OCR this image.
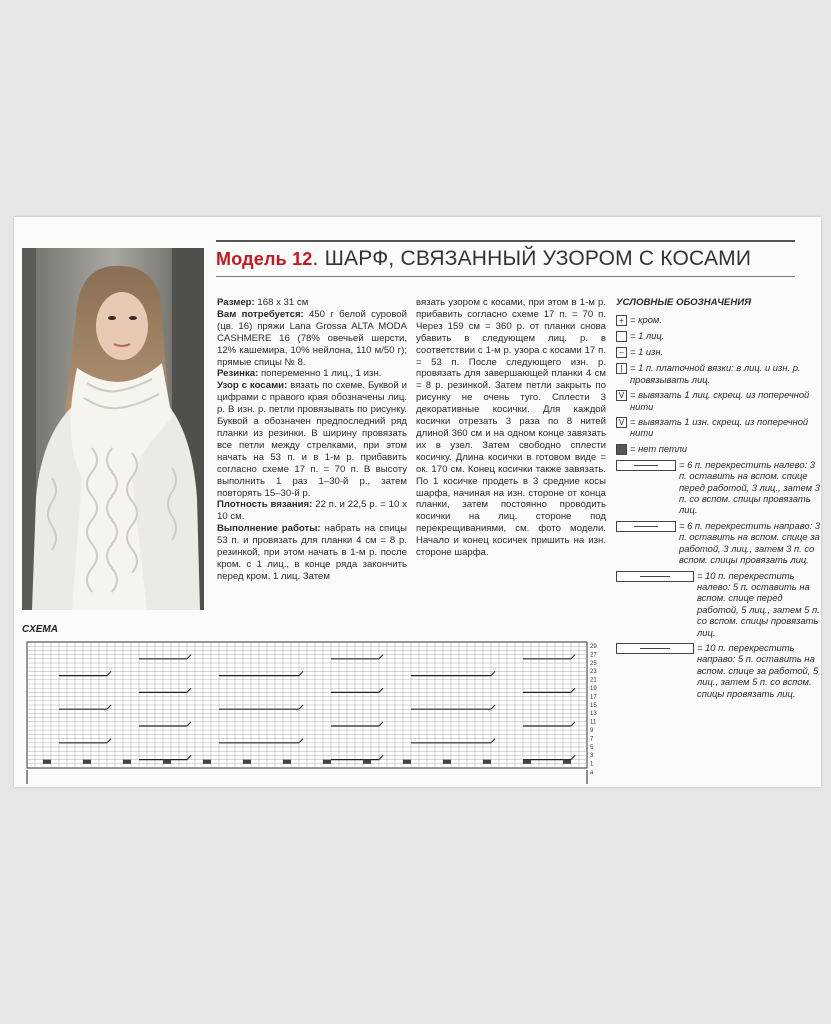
Модель 12. ШАРФ, СВЯЗАННЫЙ УЗОРОМ С КОСАМИ

Размер: 168 х 31 см

Вам потребуется: 450 г белой суровой (цв. 16) пряжи Lana Grossa ALTA MODA CASHMERE 16 (78% овечьей шерсти, 12% кашемира, 10% нейлона, 110 м/50 г); прямые спицы № 8.

Резинка: попеременно 1 лиц., 1 изн.

Узор с косами: вязать по схеме. Буквой и цифрами с правого края обозначены лиц. р. В изн. р. петли провязывать по рисунку. Буквой а обозначен предпоследний ряд планки из резинки. В ширину провязать все петли между стрелками, при этом начать на 53 п. и в 1-м р. прибавить согласно схеме 17 п. = 70 п. В высоту выполнить 1 раз 1–30-й р., затем повторять 15–30-й р.

Плотность вязания: 22 п. и 22,5 р. = 10 х 10 см.

Выполнение работы: набрать на спицы 53 п. и провязать для планки 4 см = 8 р. резинкой, при этом начать в 1-м р. после кром. с 1 лиц., в конце ряда закончить перед кром. 1 лиц. Затем

вязать узором с косами, при этом в 1-м р. прибавить согласно схеме 17 п. = 70 п. Через 159 см = 360 р. от планки снова убавить в следующем лиц. р. в соответствии с 1-м р. узора с косами 17 п. = 53 п. После следующего изн. р. провязать для завершающей планки 4 см = 8 р. резинкой. Затем петли закрыть по рисунку не очень туго. Сплести 3 декоративные косички. Для каждой косички отрезать 3 раза по 8 нитей длиной 360 см и на одном конце завязать их в узел. Затем свободно сплести косичку. Длина косички в готовом виде = ок. 170 см. Конец косички также завязать. По 1 косичке продеть в 3 средние косы шарфа, начиная на изн. стороне от конца планки, затем постоянно проводить косички на лиц. стороне под перекрещиваниями, см. фото модели. Начало и конец косичек пришить на изн. стороне шарфа.

УСЛОВНЫЕ ОБОЗНАЧЕНИЯ
+ = кром.
= 1 лиц.
– = 1 изн.
| = 1 п. платочной вязки: в лиц. и изн. р. провязывать лиц.
V = вывязать 1 лиц. скрещ. из поперечной нити
V = вывязать 1 изн. скрещ. из поперечной нити
= нет петли
= 6 п. перекрестить налево: 3 п. оставить на вспом. спице перед работой, 3 лиц., затем 3 п. со вспом. спицы провязать лиц.
= 6 п. перекрестить направо: 3 п. оставить на вспом. спице за работой, 3 лиц., затем 3 п. со вспом. спицы провязать лиц.
= 10 п. перекрестить налево: 5 п. оставить на вспом. спице перед работой, 5 лиц., затем 5 п. со вспом. спицы провязать лиц.
= 10 п. перекрестить направо: 5 п. оставить на вспом. спице за работой, 5 лиц., затем 5 п. со вспом. спицы провязать лиц.
СХЕМА
29
27
25
23
21
19
17
15
13
11
9
7
5
3
1
a
